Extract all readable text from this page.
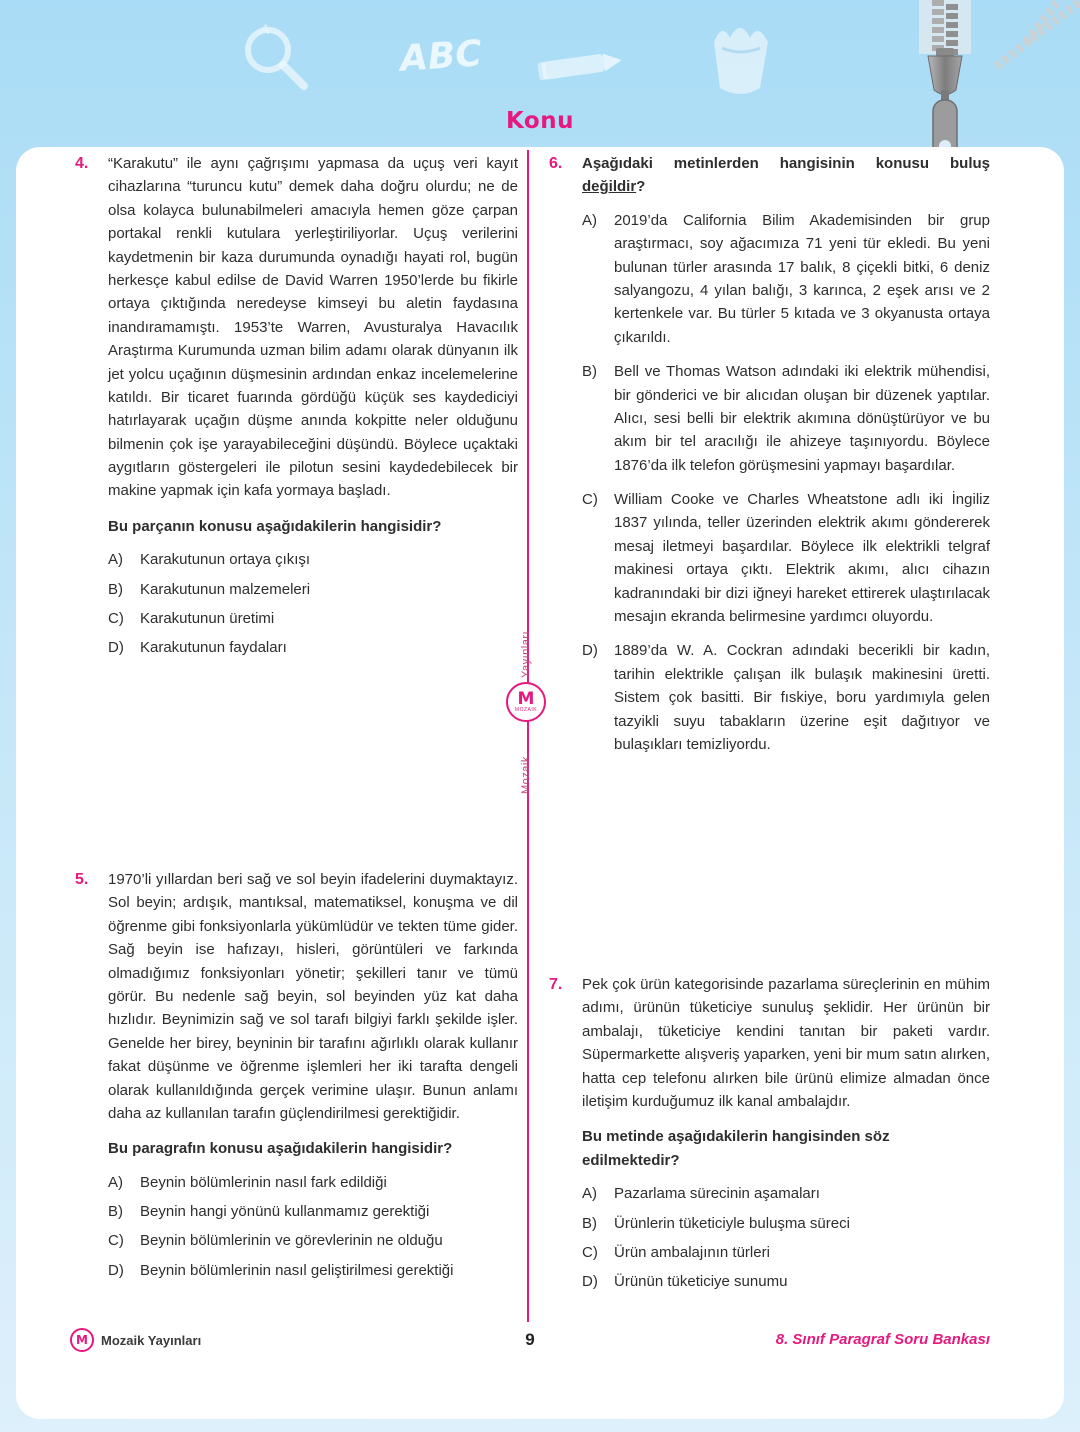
A
ABC
Konu
Yayınları
M
MOZAIK
Mozaik
4. “Karakutu” ile aynı çağrışımı yapmasa da uçuş veri kayıt cihazlarına “turuncu kutu” demek daha doğru olurdu; ne de olsa kolayca bulunabilmeleri amacıyla hemen göze çarpan portakal renkli kutulara yerleştiriliyorlar. Uçuş verilerini kaydetmenin bir kaza durumunda oynadığı hayati rol, bugün herkesçe kabul edilse de David Warren 1950’lerde bu fikirle ortaya çıktığında neredeyse kimseyi bu aletin faydasına inandıramamıştı. 1953’te Warren, Avusturalya Havacılık Araştırma Kurumunda uzman bilim adamı olarak dünyanın ilk jet yolcu uçağının düşmesinin ardından enkaz incelemelerine katıldı. Bir ticaret fuarında gördüğü küçük ses kaydediciyi hatırlayarak uçağın düşme anında kokpitte neler olduğunu bilmenin çok işe yarayabileceğini düşündü. Böylece uçaktaki aygıtların göstergeleri ile pilotun sesini kaydedebilecek bir makine yapmak için kafa yormaya başladı.

Bu parçanın konusu aşağıdakilerin hangisidir?

A)	Karakutunun ortaya çıkışı
B)	Karakutunun malzemeleri
C)	Karakutunun üretimi
D)	Karakutunun faydaları
5. 1970’li yıllardan beri sağ ve sol beyin ifadelerini duymaktayız. Sol beyin; ardışık, mantıksal, matematiksel, konuşma ve dil öğrenme gibi fonksiyonlarla yükümlüdür ve tekten tüme gider. Sağ beyin ise hafızayı, hisleri, görüntüleri ve farkında olmadığımız fonksiyonları yönetir; şekilleri tanır ve tümü görür. Bu nedenle sağ beyin, sol beyinden yüz kat daha hızlıdır. Beynimizin sağ ve sol tarafı bilgiyi farklı şekilde işler. Genelde her birey, beyninin bir tarafını ağırlıklı olarak kullanır fakat düşünme ve öğrenme işlemleri her iki tarafta dengeli olarak kullanıldığında gerçek verimine ulaşır. Bunun anlamı daha az kullanılan tarafın güçlendirilmesi gerektiğidir.

Bu paragrafın konusu aşağıdakilerin hangisidir?

A)	Beynin bölümlerinin nasıl fark edildiği
B)	Beynin hangi yönünü kullanmamız gerektiği
C)	Beynin bölümlerinin ve görevlerinin ne olduğu
D)	Beynin bölümlerinin nasıl geliştirilmesi gerektiği
6. Aşağıdaki metinlerden hangisinin konusu buluş değildir?

A)	2019’da California Bilim Akademisinden bir grup araştırmacı, soy ağacımıza 71 yeni tür ekledi. Bu yeni bulunan türler arasında 17 balık, 8 çiçekli bitki, 6 deniz salyangozu, 4 yılan balığı, 3 karınca, 2 eşek arısı ve 2 kertenkele var. Bu türler 5 kıtada ve 3 okyanusta ortaya çıkarıldı.
B)	Bell ve Thomas Watson adındaki iki elektrik mühendisi, bir gönderici ve bir alıcıdan oluşan bir düzenek yaptılar. Alıcı, sesi belli bir elektrik akımına dönüştürüyor ve bu akım bir tel aracılığı ile ahizeye taşınıyordu. Böylece 1876’da ilk telefon görüşmesini yapmayı başardılar.
C)	William Cooke ve Charles Wheatstone adlı iki İngiliz 1837 yılında, teller üzerinden elektrik akımı göndererek mesaj iletmeyi başardılar. Böylece ilk elektrikli telgraf makinesi ortaya çıktı. Elektrik akımı, alıcı cihazın kadranındaki bir dizi iğneyi hareket ettirerek ulaştırılacak mesajın ekranda belirmesine yardımcı oluyordu.
D)	1889’da W. A. Cockran adındaki becerikli bir kadın, tarihin elektrikle çalışan ilk bulaşık makinesini üretti. Sistem çok basitti. Bir fıskiye, boru yardımıyla gelen tazyikli suyu tabakların üzerine eşit dağıtıyor ve bulaşıkları temizliyordu.
7. Pek çok ürün kategorisinde pazarlama süreçlerinin en mühim adımı, ürünün tüketiciye sunuluş şeklidir. Her ürünün bir ambalajı, tüketiciye kendini tanıtan bir paketi vardır. Süpermarkette alışveriş yaparken, yeni bir mum satın alırken, hatta cep telefonu alırken bile ürünü elimize almadan önce iletişim kurduğumuz ilk kanal ambalajdır.

Bu metinde aşağıdakilerin hangisinden söz edilmektedir?

A)	Pazarlama sürecinin aşamaları
B)	Ürünlerin tüketiciyle buluşma süreci
C)	Ürün ambalajının türleri
D)	Ürünün tüketiciye sunumu
M	Mozaik Yayınları	9	8. Sınıf Paragraf Soru Bankası
